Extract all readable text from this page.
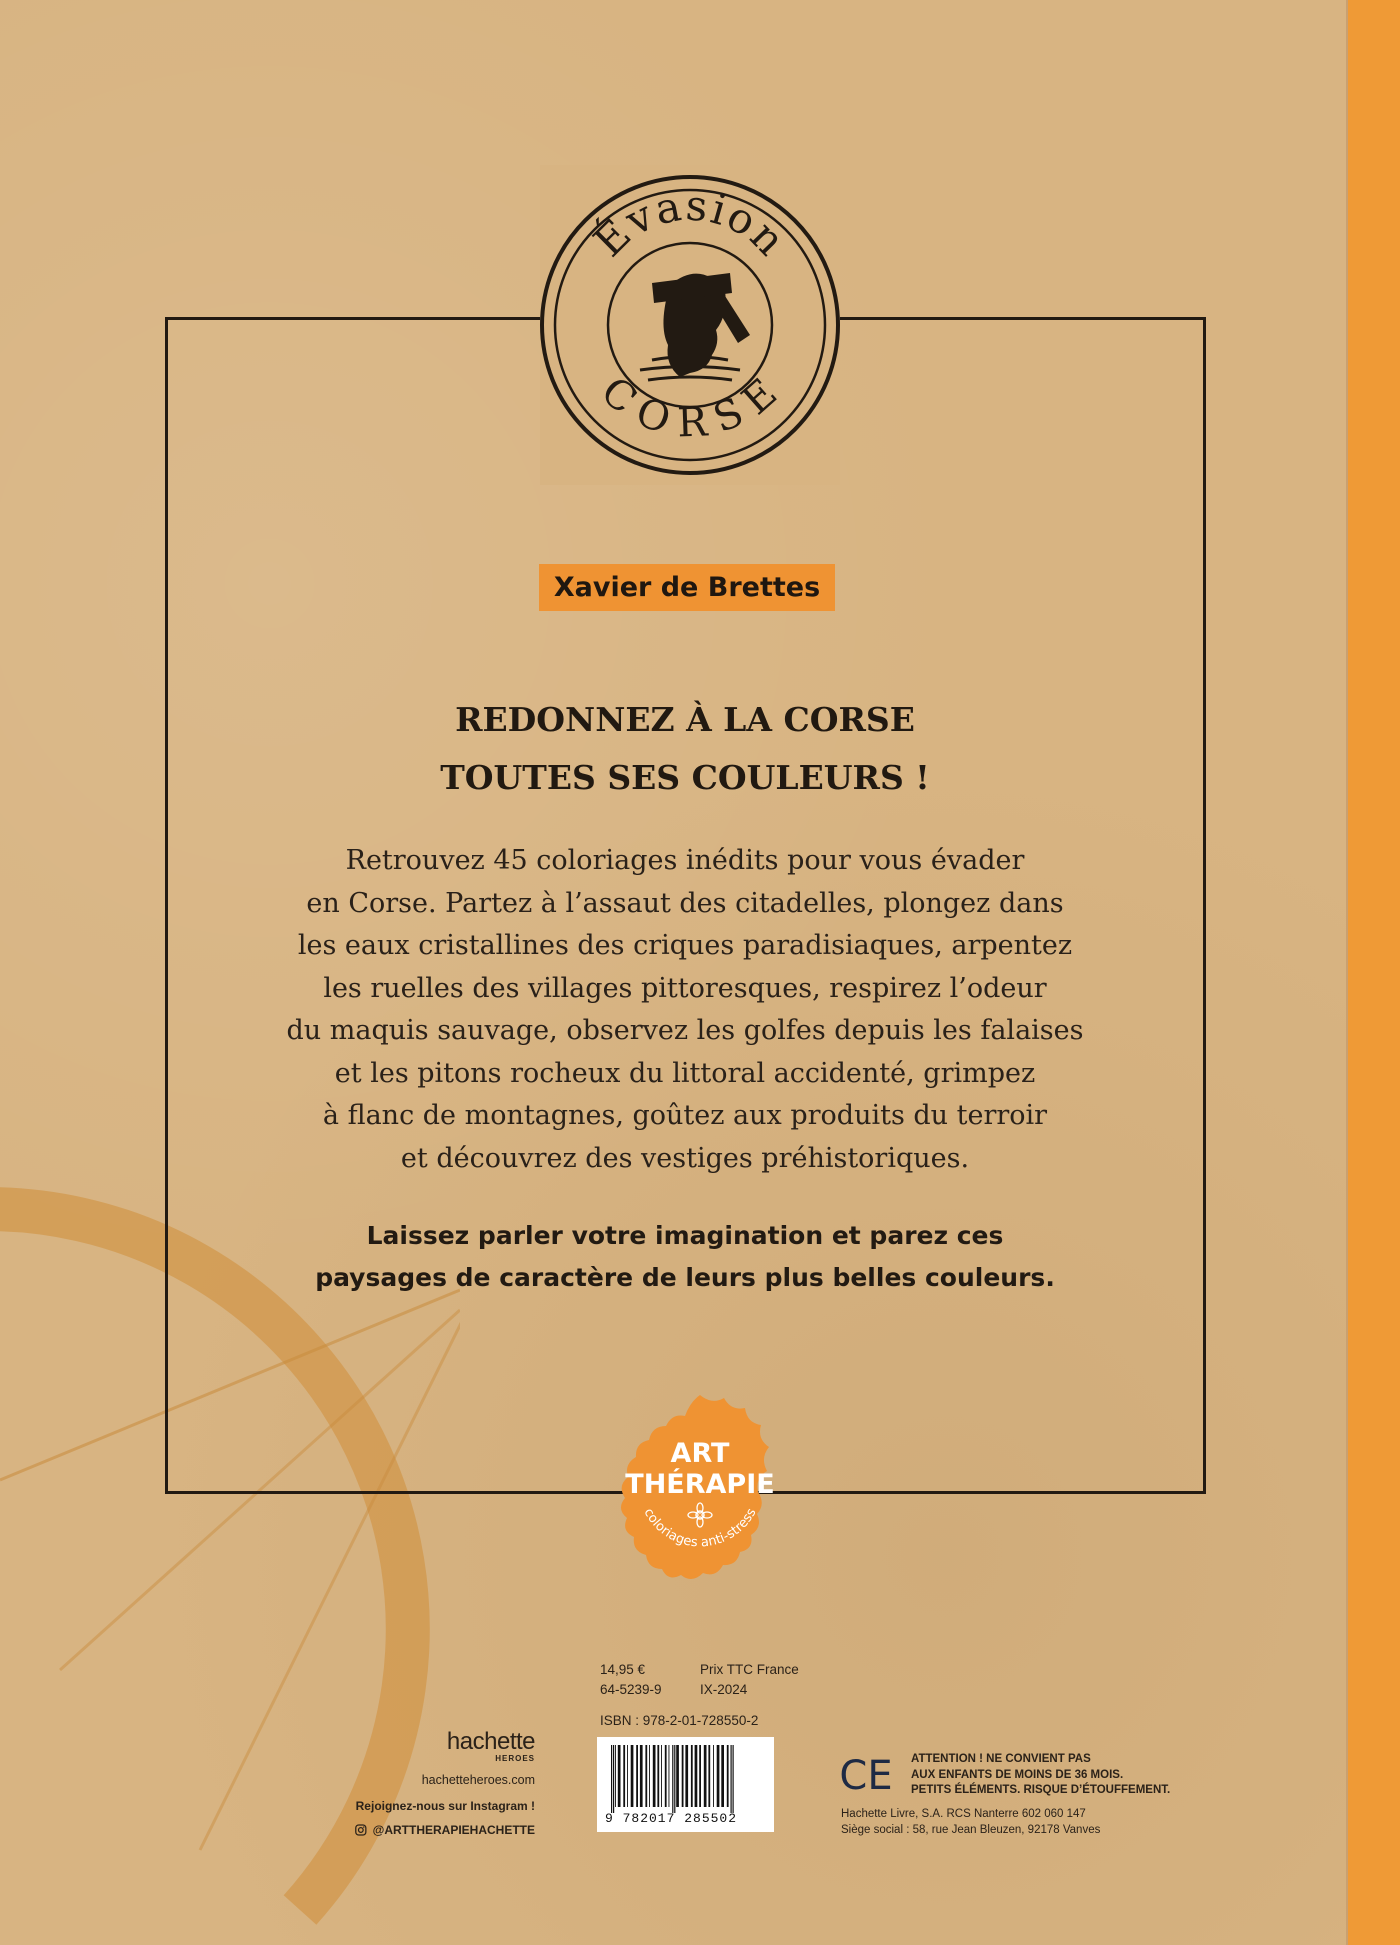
Évasion
CORSE
Xavier de Brettes
REDONNEZ À LA CORSE
TOUTES SES COULEURS !
Retrouvez 45 coloriages inédits pour vous évader
en Corse. Partez à l’assaut des citadelles, plongez dans
les eaux cristallines des criques paradisiaques, arpentez
les ruelles des villages pittoresques, respirez l’odeur
du maquis sauvage, observez les golfes depuis les falaises
et les pitons rocheux du littoral accidenté, grimpez
à flanc de montagnes, goûtez aux produits du terroir
et découvrez des vestiges préhistoriques.
Laissez parler votre imagination et parez ces
paysages de caractère de leurs plus belles couleurs.
ART
THÉRAPIE
coloriages anti-stress
14,95 €	Prix TTC France
64-5239-9	IX-2024
ISBN : 978-2-01-728550-2
9 782017 285502
hachette
HEROES
hachetteheroes.com
Rejoignez-nous sur Instagram !
@ARTTHERAPIEHACHETTE
CE ATTENTION ! NE CONVIENT PAS
AUX ENFANTS DE MOINS DE 36 MOIS.
PETITS ÉLÉMENTS. RISQUE D’ÉTOUFFEMENT.
Hachette Livre, S.A. RCS Nanterre 602 060 147
Siège social : 58, rue Jean Bleuzen, 92178 Vanves
